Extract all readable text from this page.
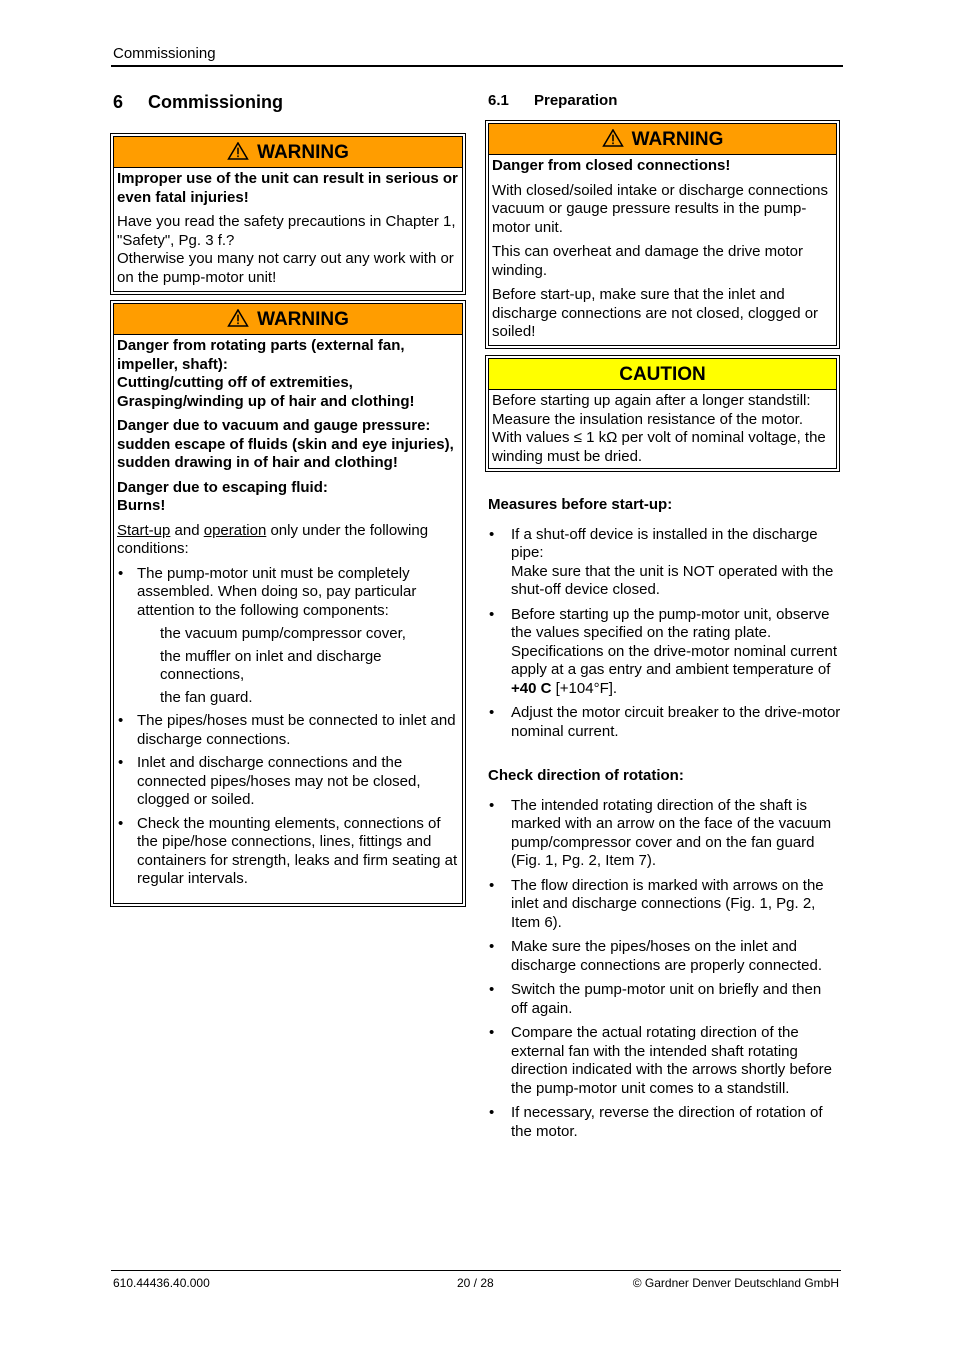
Commissioning
6 Commissioning
WARNING

Improper use of the unit can result in serious or even fatal injuries!

Have you read the safety precautions in Chapter 1, "Safety", Pg. 3 f.?
Otherwise you many not carry out any work with or on the pump-motor unit!

WARNING

Danger from rotating parts (external fan, impeller, shaft):
Cutting/cutting off of extremities,
Grasping/winding up of hair and clothing!

Danger due to vacuum and gauge pressure: sudden escape of fluids (skin and eye injuries),
sudden drawing in of hair and clothing!

Danger due to escaping fluid:
Burns!

Start-up and operation only under the following conditions:

• The pump-motor unit must be completely assembled. When doing so, pay particular attention to the following components:
the vacuum pump/compressor cover,
the muffler on inlet and discharge connections,
the fan guard.
• The pipes/hoses must be connected to inlet and discharge connections.
• Inlet and discharge connections and the connected pipes/hoses may not be closed, clogged or soiled.
• Check the mounting elements, connections of the pipe/hose connections, lines, fittings and containers for strength, leaks and firm seating at regular intervals.
6.1 Preparation
WARNING

Danger from closed connections!

With closed/soiled intake or discharge connections vacuum or gauge pressure results in the pump-motor unit.

This can overheat and damage the drive motor winding.

Before start-up, make sure that the inlet and discharge connections are not closed, clogged or soiled!

CAUTION
Before starting up again after a longer standstill:
Measure the insulation resistance of the motor.
With values ≤ 1 kΩ per volt of nominal voltage, the winding must be dried.
Measures before start-up:
• If a shut-off device is installed in the discharge pipe:
Make sure that the unit is NOT operated with the shut-off device closed.
• Before starting up the pump-motor unit, observe the values specified on the rating plate. Specifications on the drive-motor nominal current apply at a gas entry and ambient temperature of +40 C [+104°F].
• Adjust the motor circuit breaker to the drive-motor nominal current.
Check direction of rotation:
• The intended rotating direction of the shaft is marked with an arrow on the face of the vacuum pump/compressor cover and on the fan guard (Fig. 1, Pg. 2, Item 7).
• The flow direction is marked with arrows on the inlet and discharge connections (Fig. 1, Pg. 2, Item 6).
• Make sure the pipes/hoses on the inlet and discharge connections are properly connected.
• Switch the pump-motor unit on briefly and then off again.
• Compare the actual rotating direction of the external fan with the intended shaft rotating direction indicated with the arrows shortly before the pump-motor unit comes to a standstill.
• If necessary, reverse the direction of rotation of the motor.
610.44436.40.000	20 / 28	© Gardner Denver Deutschland GmbH
